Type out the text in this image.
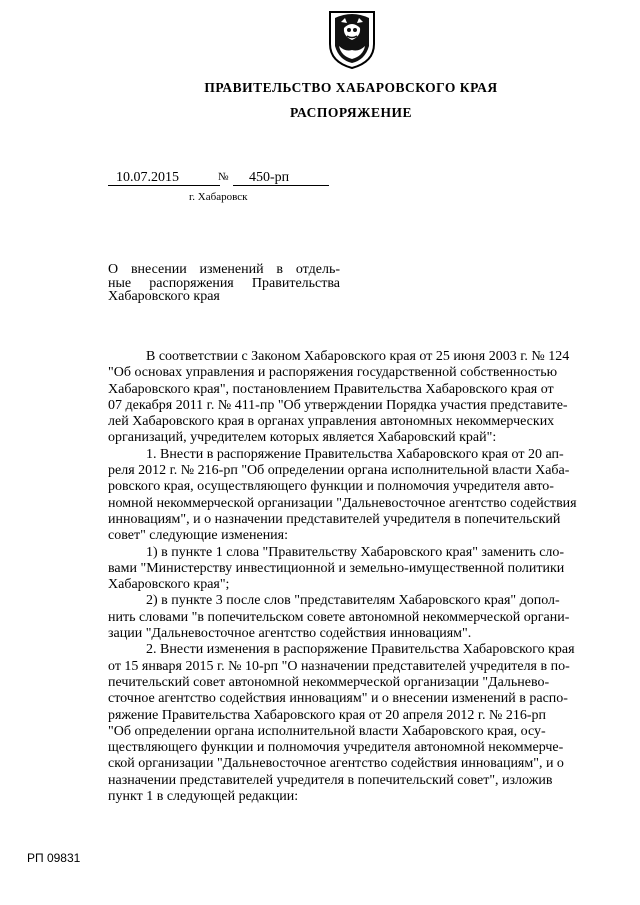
ПРАВИТЕЛЬСТВО ХАБАРОВСКОГО КРАЯ
РАСПОРЯЖЕНИЕ
10.07.2015	№	450-рп
г. Хабаровск
О внесении изменений в отдель-
ные распоряжения Правительства
Хабаровского края
В соответствии с Законом Хабаровского края от 25 июня 2003 г. № 124
"Об основах управления и распоряжения государственной собственностью
Хабаровского края", постановлением Правительства Хабаровского края от
07 декабря 2011 г. № 411-пр "Об утверждении Порядка участия представите-
лей Хабаровского края в органах управления автономных некоммерческих
организаций, учредителем которых является Хабаровский край":
1. Внести в распоряжение Правительства Хабаровского края от 20 ап-
реля 2012 г. № 216-рп "Об определении органа исполнительной власти Хаба-
ровского края, осуществляющего функции и полномочия учредителя авто-
номной некоммерческой организации "Дальневосточное агентство содействия
инновациям", и о назначении представителей учредителя в попечительский
совет" следующие изменения:
1) в пункте 1 слова "Правительству Хабаровского края" заменить сло-
вами "Министерству инвестиционной и земельно-имущественной политики
Хабаровского края";
2) в пункте 3 после слов "представителям Хабаровского края" допол-
нить словами "в попечительском совете автономной некоммерческой органи-
зации "Дальневосточное агентство содействия инновациям".
2. Внести изменения в распоряжение Правительства Хабаровского края
от 15 января 2015 г. № 10-рп "О назначении представителей учредителя в по-
печительский совет автономной некоммерческой организации "Дальнево-
сточное агентство содействия инновациям" и о внесении изменений в распо-
ряжение Правительства Хабаровского края от 20 апреля 2012 г. № 216-рп
"Об определении органа исполнительной власти Хабаровского края, осу-
ществляющего функции и полномочия учредителя автономной некоммерче-
ской организации "Дальневосточное агентство содействия инновациям", и о
назначении представителей учредителя в попечительский совет", изложив
пункт 1 в следующей редакции:
РП 09831
